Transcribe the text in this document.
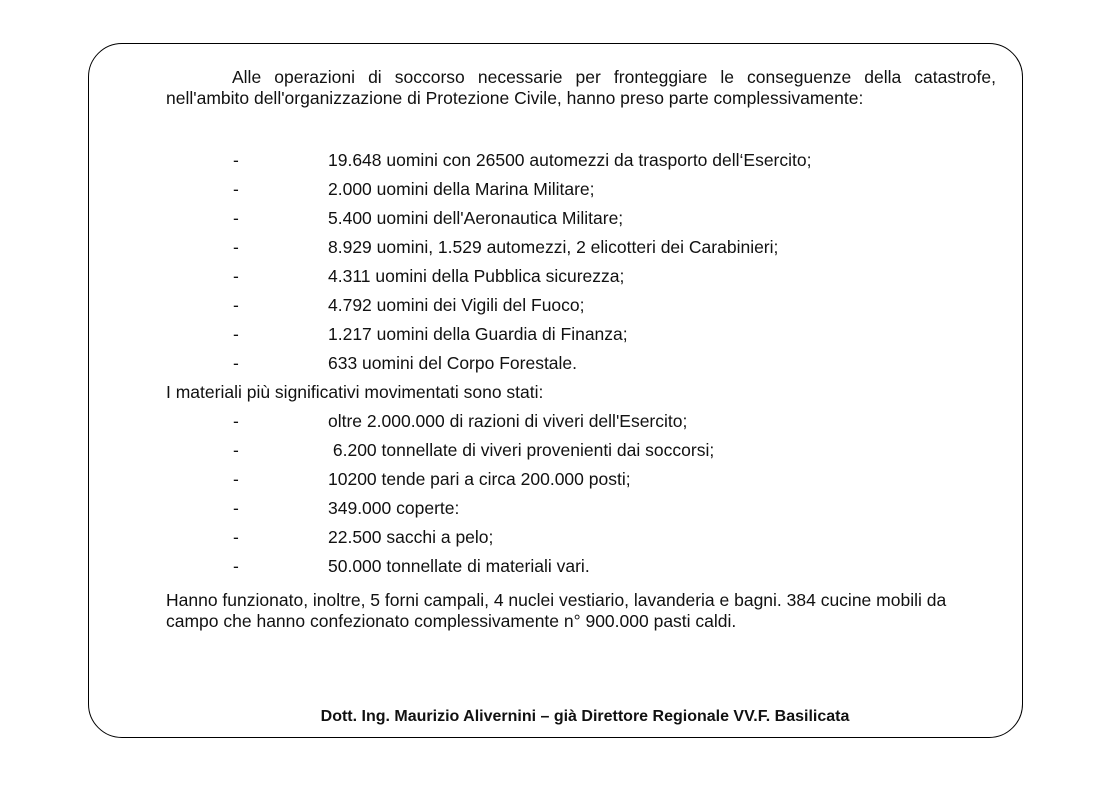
Alle operazioni di soccorso necessarie per fronteggiare le conseguenze della catastrofe, nell'ambito dell'organizzazione di Protezione Civile, hanno preso parte complessivamente:

-	19.648 uomini con 26500 automezzi da trasporto dell‘Esercito;
-	2.000 uomini della Marina Militare;
-	5.400 uomini dell'Aeronautica Militare;
-	8.929 uomini, 1.529 automezzi, 2 elicotteri dei Carabinieri;
-	4.311 uomini della Pubblica sicurezza;
-	4.792 uomini dei Vigili del Fuoco;
-	1.217 uomini della Guardia di Finanza;
-	633 uomini del Corpo Forestale.

I materiali più significativi movimentati sono stati:

-	oltre 2.000.000 di razioni di viveri dell'Esercito;
-	6.200 tonnellate di viveri provenienti dai soccorsi;
-	10200 tende pari a circa 200.000 posti;
-	349.000 coperte:
-	22.500 sacchi a pelo;
-	50.000 tonnellate di materiali vari.

Hanno funzionato, inoltre, 5 forni campali, 4 nuclei vestiario, lavanderia e bagni. 384 cucine mobili da campo che hanno confezionato complessivamente n° 900.000 pasti caldi.

Dott. Ing. Maurizio Alivernini – già Direttore Regionale VV.F. Basilicata
